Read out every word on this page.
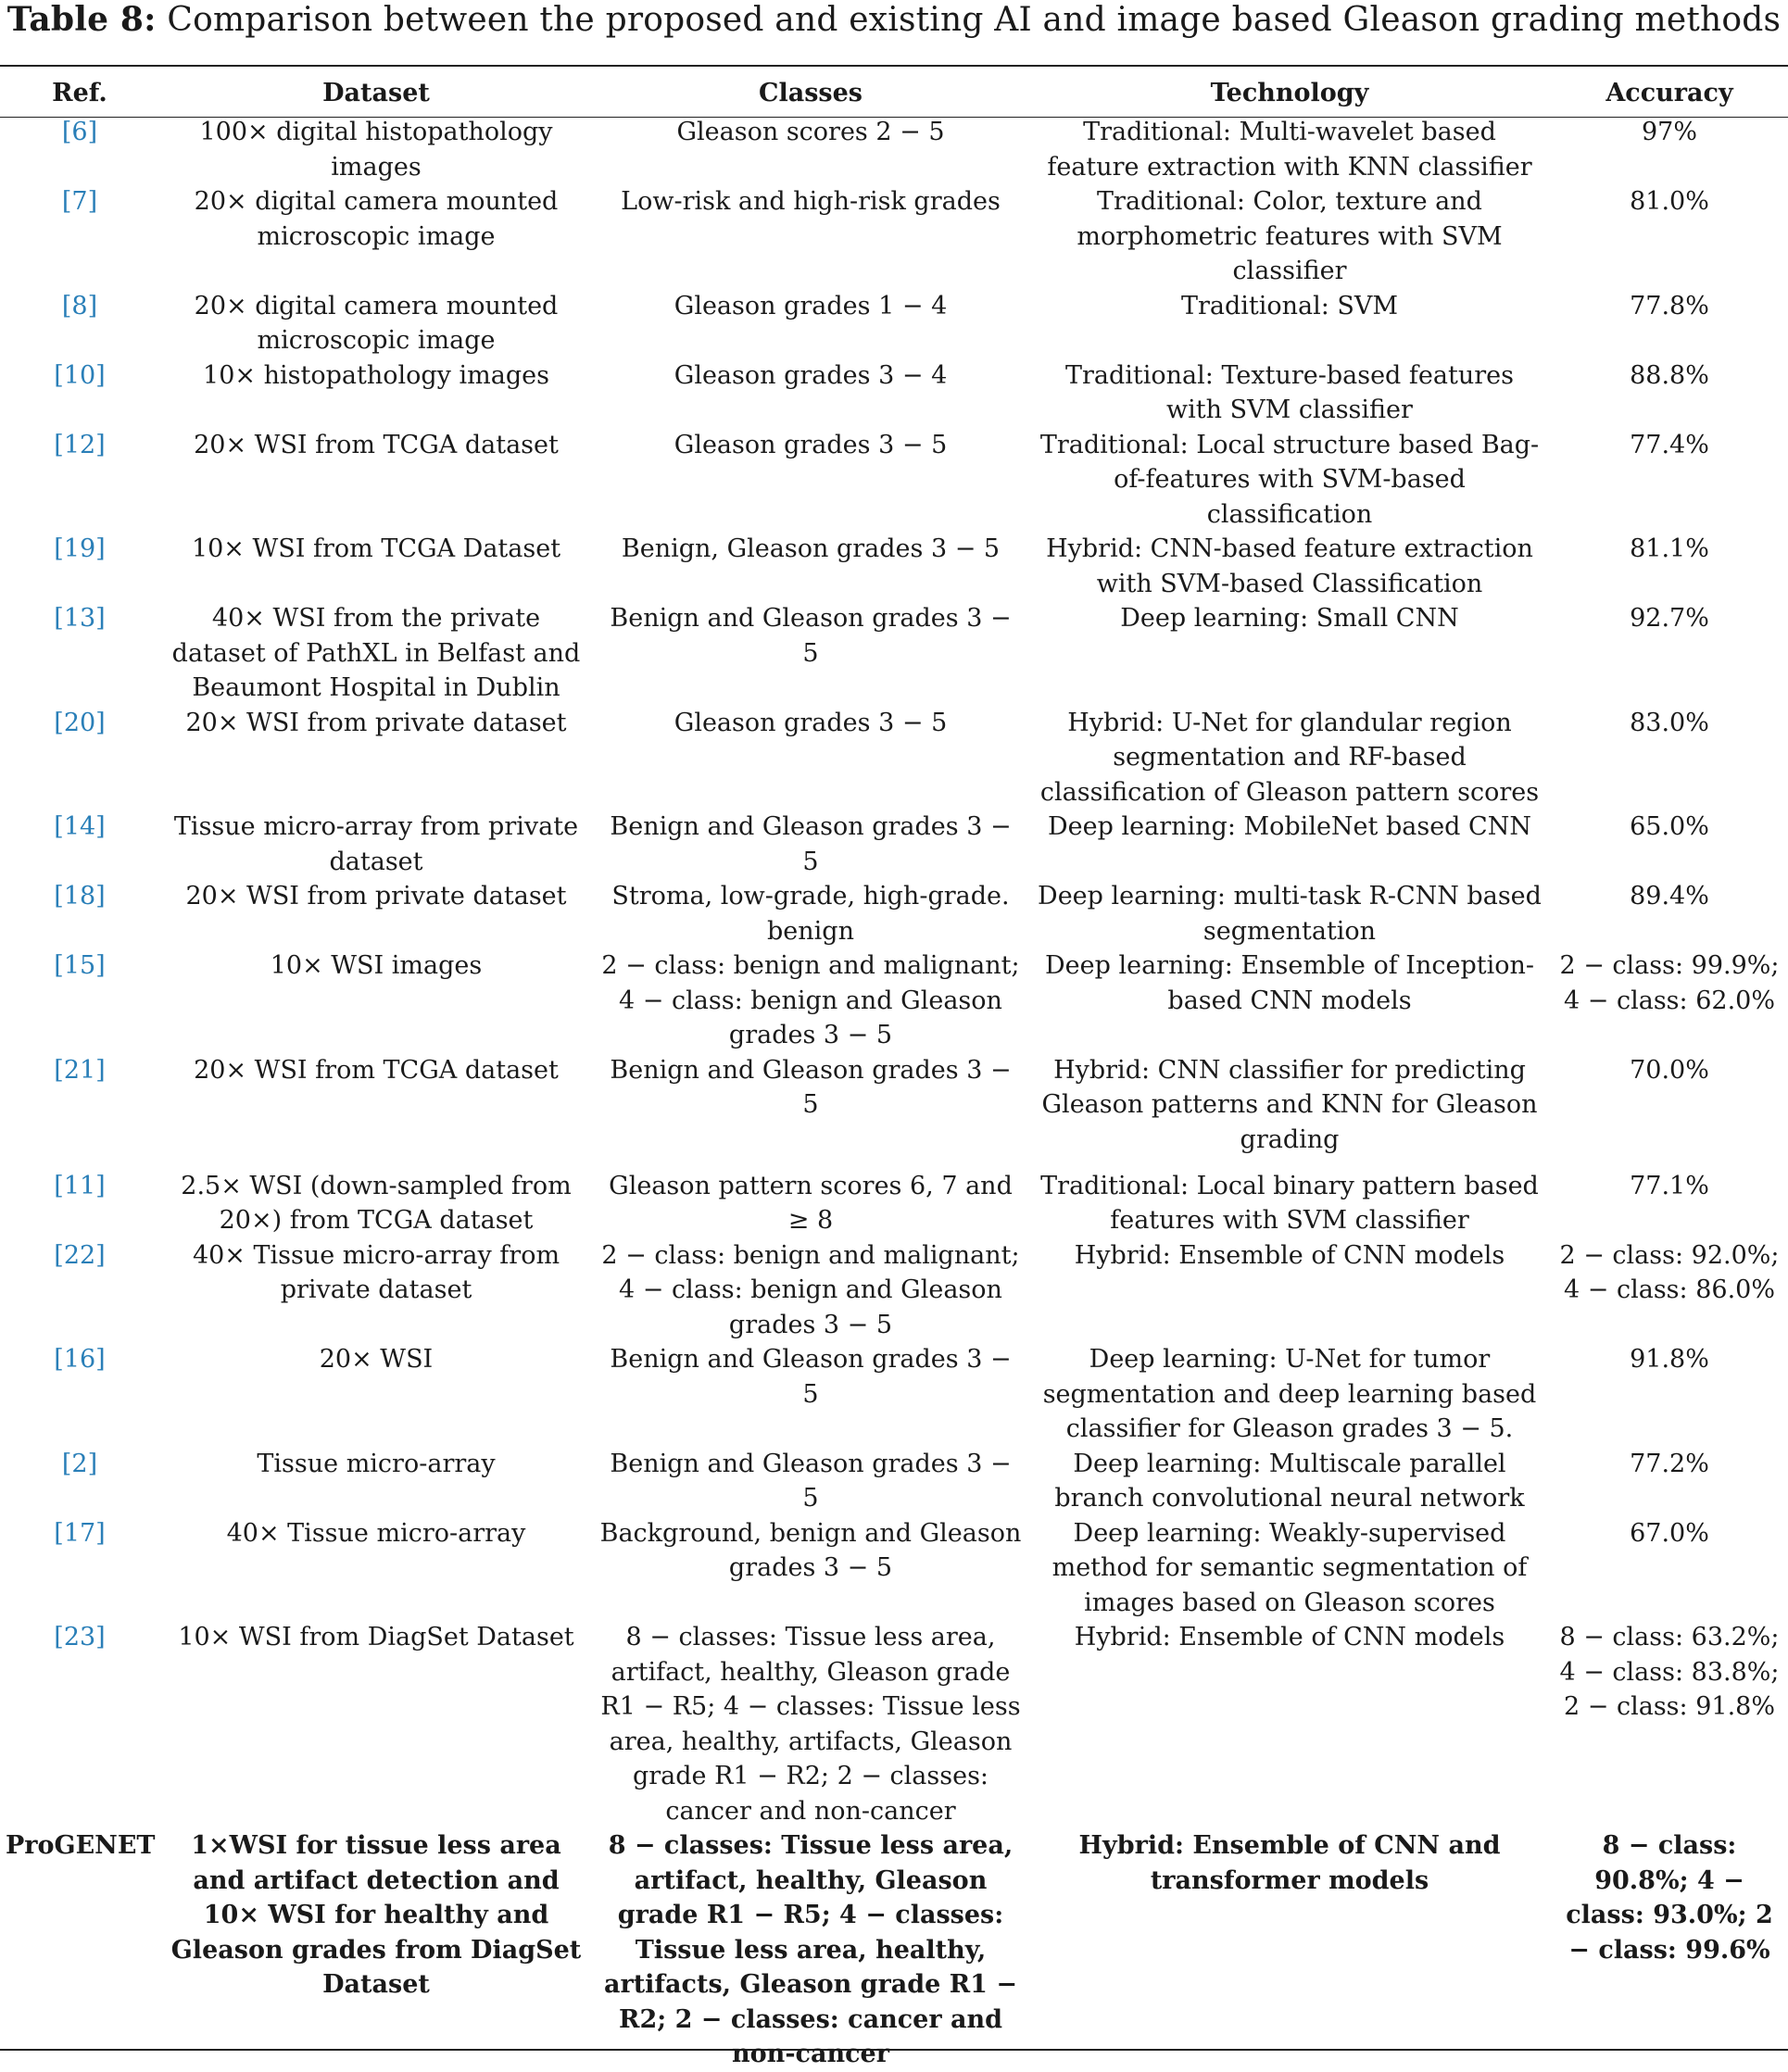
Table 8: Comparison between the proposed and existing AI and image based Gleason grading methods
Ref.	Dataset	Classes	Technology	Accuracy
[6]	100× digital histopathology images	Gleason scores 2 − 5	Traditional: Multi-wavelet based feature extraction with KNN classifier	97%
[7]	20× digital camera mounted microscopic image	Low-risk and high-risk grades	Traditional: Color, texture and morphometric features with SVM classifier	81.0%
[8]	20× digital camera mounted microscopic image	Gleason grades 1 − 4	Traditional: SVM	77.8%
[10]	10× histopathology images	Gleason grades 3 − 4	Traditional: Texture-based features with SVM classifier	88.8%
[12]	20× WSI from TCGA dataset	Gleason grades 3 − 5	Traditional: Local structure based Bag-of-features with SVM-based classification	77.4%
[19]	10× WSI from TCGA Dataset	Benign, Gleason grades 3 − 5	Hybrid: CNN-based feature extraction with SVM-based Classification	81.1%
[13]	40× WSI from the private dataset of PathXL in Belfast and Beaumont Hospital in Dublin	Benign and Gleason grades 3 − 5	Deep learning: Small CNN	92.7%
[20]	20× WSI from private dataset	Gleason grades 3 − 5	Hybrid: U-Net for glandular region segmentation and RF-based classification of Gleason pattern scores	83.0%
[14]	Tissue micro-array from private dataset	Benign and Gleason grades 3 − 5	Deep learning: MobileNet based CNN	65.0%
[18]	20× WSI from private dataset	Stroma, low-grade, high-grade. benign	Deep learning: multi-task R-CNN based segmentation	89.4%
[15]	10× WSI images	2 − class: benign and malignant; 4 − class: benign and Gleason grades 3 − 5	Deep learning: Ensemble of Inception-based CNN models	2 − class: 99.9%; 4 − class: 62.0%
[21]	20× WSI from TCGA dataset	Benign and Gleason grades 3 − 5	Hybrid: CNN classifier for predicting Gleason patterns and KNN for Gleason grading	70.0%
[11]	2.5× WSI (down-sampled from 20×) from TCGA dataset	Gleason pattern scores 6, 7 and ≥ 8	Traditional: Local binary pattern based features with SVM classifier	77.1%
[22]	40× Tissue micro-array from private dataset	2 − class: benign and malignant; 4 − class: benign and Gleason grades 3 − 5	Hybrid: Ensemble of CNN models	2 − class: 92.0%; 4 − class: 86.0%
[16]	20× WSI	Benign and Gleason grades 3 − 5	Deep learning: U-Net for tumor segmentation and deep learning based classifier for Gleason grades 3 − 5.	91.8%
[2]	Tissue micro-array	Benign and Gleason grades 3 − 5	Deep learning: Multiscale parallel branch convolutional neural network	77.2%
[17]	40× Tissue micro-array	Background, benign and Gleason grades 3 − 5	Deep learning: Weakly-supervised method for semantic segmentation of images based on Gleason scores	67.0%
[23]	10× WSI from DiagSet Dataset	8 − classes: Tissue less area, artifact, healthy, Gleason grade R1 − R5; 4 − classes: Tissue less area, healthy, artifacts, Gleason grade R1 − R2; 2 − classes: cancer and non-cancer	Hybrid: Ensemble of CNN models	8 − class: 63.2%; 4 − class: 83.8%; 2 − class: 91.8%
ProGENET	1×WSI for tissue less area and artifact detection and 10× WSI for healthy and Gleason grades from DiagSet Dataset	8 − classes: Tissue less area, artifact, healthy, Gleason grade R1 − R5; 4 − classes: Tissue less area, healthy, artifacts, Gleason grade R1 − R2; 2 − classes: cancer and non-cancer	Hybrid: Ensemble of CNN and transformer models	8 − class: 90.8%; 4 − class: 93.0%; 2 − class: 99.6%
